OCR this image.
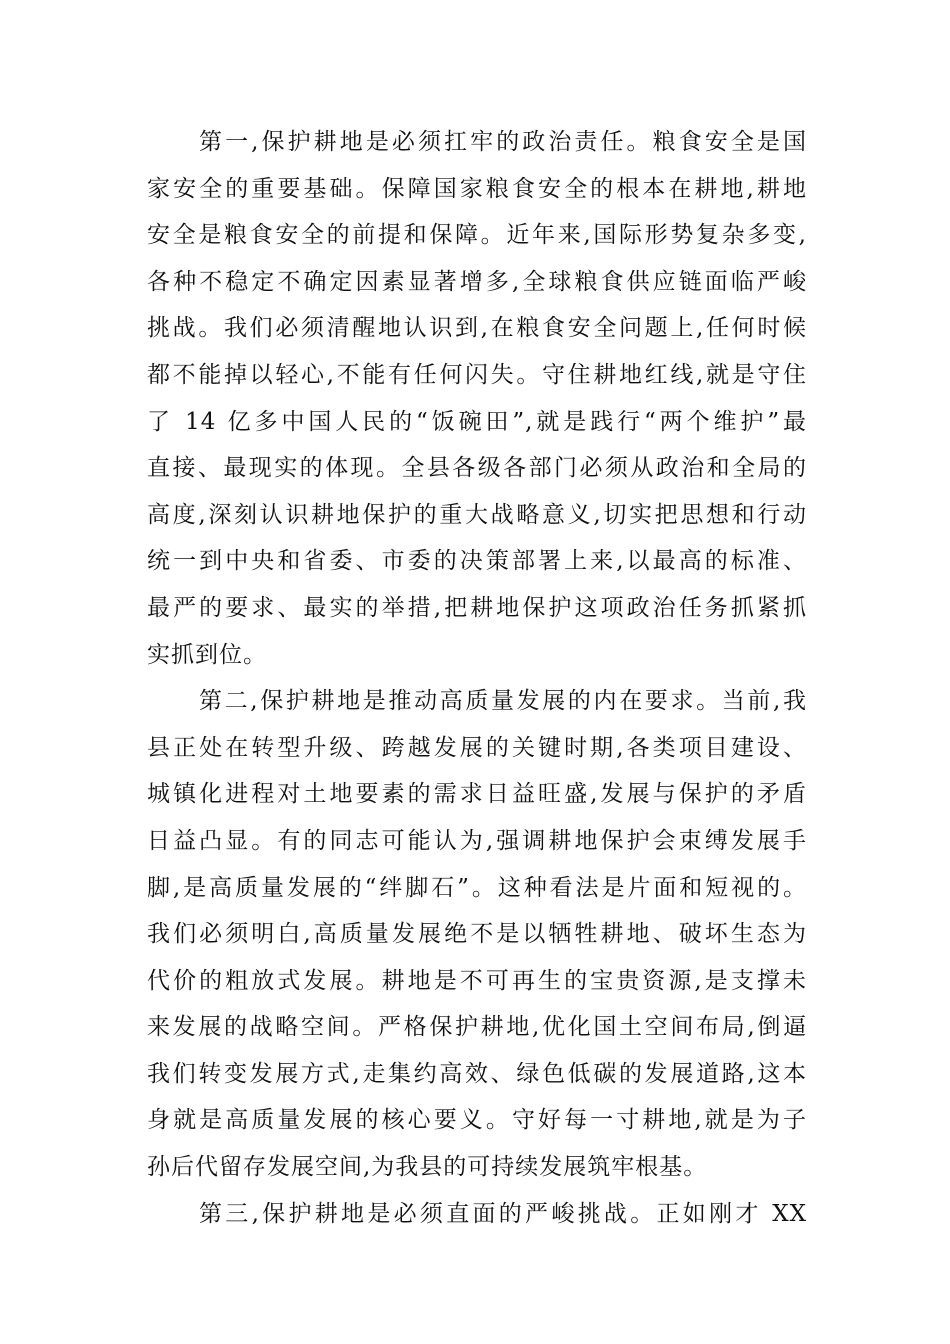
第一,保护耕地是必须扛牢的政治责任。粮食安全是国
家安全的重要基础。保障国家粮食安全的根本在耕地,耕地
安全是粮食安全的前提和保障。近年来,国际形势复杂多变,
各种不稳定不确定因素显著增多,全球粮食供应链面临严峻
挑战。我们必须清醒地认识到,在粮食安全问题上,任何时候
都不能掉以轻心,不能有任何闪失。守住耕地红线,就是守住
了 14 亿多中国人民的“饭碗田”,就是践行“两个维护”最
直接、最现实的体现。全县各级各部门必须从政治和全局的
高度,深刻认识耕地保护的重大战略意义,切实把思想和行动
统一到中央和省委、市委的决策部署上来,以最高的标准、
最严的要求、最实的举措,把耕地保护这项政治任务抓紧抓
实抓到位。
第二,保护耕地是推动高质量发展的内在要求。当前,我
县正处在转型升级、跨越发展的关键时期,各类项目建设、
城镇化进程对土地要素的需求日益旺盛,发展与保护的矛盾
日益凸显。有的同志可能认为,强调耕地保护会束缚发展手
脚,是高质量发展的“绊脚石”。这种看法是片面和短视的。
我们必须明白,高质量发展绝不是以牺牲耕地、破坏生态为
代价的粗放式发展。耕地是不可再生的宝贵资源,是支撑未
来发展的战略空间。严格保护耕地,优化国土空间布局,倒逼
我们转变发展方式,走集约高效、绿色低碳的发展道路,这本
身就是高质量发展的核心要义。守好每一寸耕地,就是为子
孙后代留存发展空间,为我县的可持续发展筑牢根基。
第三,保护耕地是必须直面的严峻挑战。正如刚才 XX
